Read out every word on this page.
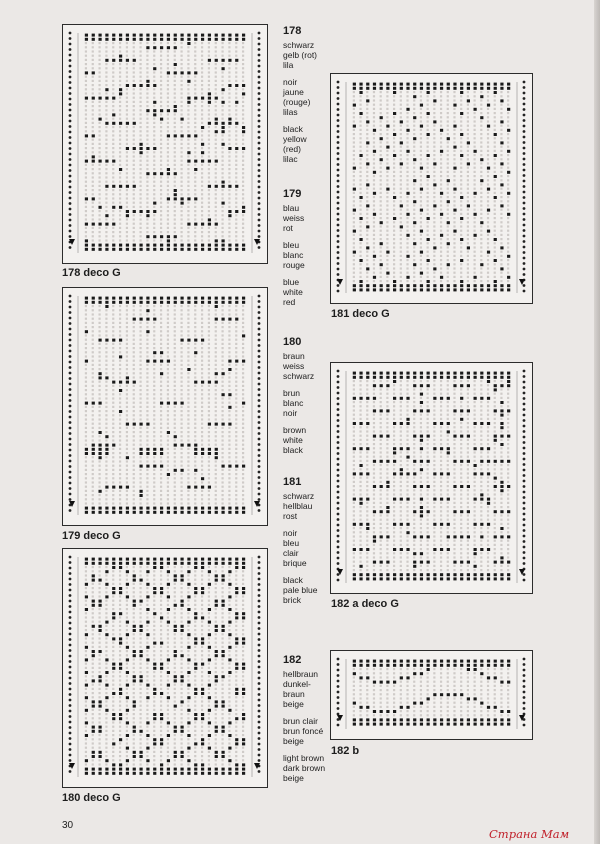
178 deco G
179 deco G
180 deco G
181 deco G
182 a deco G
182 b
178
schwarz
gelb (rot)
lila
noir
jaune
(rouge)
lilas
black
yellow
(red)
lilac
179
blau
weiss
rot
bleu
blanc
rouge
blue
white
red
180
braun
weiss
schwarz
brun
blanc
noir
brown
white
black
181
schwarz
hellblau
rost
noir
bleu
clair
brique
black
pale blue
brick
182
hellbraun
dunkel-
braun
beige
brun clair
brun foncé
beige
light brown
dark brown
beige
30
Страна Мам
